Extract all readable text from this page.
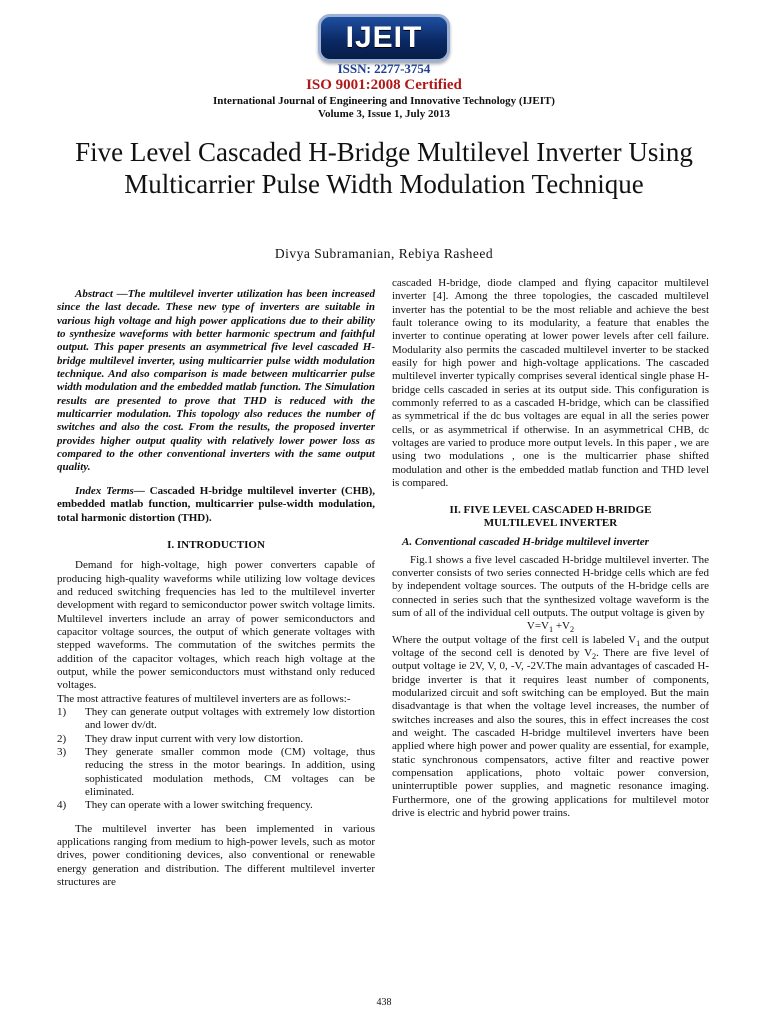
IJEIT
ISSN: 2277-3754
ISO 9001:2008 Certified
International Journal of Engineering and Innovative Technology (IJEIT)
Volume 3, Issue 1, July 2013
Five Level Cascaded H-Bridge Multilevel Inverter Using Multicarrier Pulse Width Modulation Technique
Divya Subramanian, Rebiya Rasheed

Abstract —The multilevel inverter utilization has been increased since the last decade. These new type of inverters are suitable in various high voltage and high power applications due to their ability to synthesize waveforms with better harmonic spectrum and faithful output. This paper presents an asymmetrical five level cascaded H-bridge multilevel inverter, using multicarrier pulse width modulation technique. And also comparison is made between multicarrier pulse width modulation and the embedded matlab function. The Simulation results are presented to prove that THD is reduced with the multicarrier modulation. This topology also reduces the number of switches and also the cost. From the results, the proposed inverter provides higher output quality with relatively lower power loss as compared to the other conventional inverters with the same output quality.

Index Terms— Cascaded H-bridge multilevel inverter (CHB), embedded matlab function, multicarrier pulse-width modulation, total harmonic distortion (THD).

I. INTRODUCTION

Demand for high-voltage, high power converters capable of producing high-quality waveforms while utilizing low voltage devices and reduced switching frequencies has led to the multilevel inverter development with regard to semiconductor power switch voltage limits. Multilevel inverters include an array of power semiconductors and capacitor voltage sources, the output of which generate voltages with stepped waveforms. The commutation of the switches permits the addition of the capacitor voltages, which reach high voltage at the output, while the power semiconductors must withstand only reduced voltages.

The most attractive features of multilevel inverters are as follows:-

1) They can generate output voltages with extremely low distortion and lower dv/dt.

2) They draw input current with very low distortion.

3) They generate smaller common mode (CM) voltage, thus reducing the stress in the motor bearings. In addition, using sophisticated modulation methods, CM voltages can be eliminated.

4) They can operate with a lower switching frequency.

The multilevel inverter has been implemented in various applications ranging from medium to high-power levels, such as motor drives, power conditioning devices, also conventional or renewable energy generation and distribution. The different multilevel inverter structures are

cascaded H-bridge, diode clamped and flying capacitor multilevel inverter [4]. Among the three topologies, the cascaded multilevel inverter has the potential to be the most reliable and achieve the best fault tolerance owing to its modularity, a feature that enables the inverter to continue operating at lower power levels after cell failure. Modularity also permits the cascaded multilevel inverter to be stacked easily for high power and high-voltage applications. The cascaded multilevel inverter typically comprises several identical single phase H-bridge cells cascaded in series at its output side. This configuration is commonly referred to as a cascaded H-bridge, which can be classified as symmetrical if the dc bus voltages are equal in all the series power cells, or as asymmetrical if otherwise. In an asymmetrical CHB, dc voltages are varied to produce more output levels. In this paper , we are using two modulations , one is the multicarrier phase shifted modulation and other is the embedded matlab function and THD level is compared.

II. FIVE LEVEL CASCADED H-BRIDGE
MULTILEVEL INVERTER

A. Conventional cascaded H-bridge multilevel inverter

Fig.1 shows a five level cascaded H-bridge multilevel inverter. The converter consists of two series connected H-bridge cells which are fed by independent voltage sources. The outputs of the H-bridge cells are connected in series such that the synthesized voltage waveform is the sum of all of the individual cell outputs. The output voltage is given by

$V=V_1 +V_2$

Where the output voltage of the first cell is labeled $V_1$ and the output voltage of the second cell is denoted by $V_2$. There are five level of output voltage ie 2V, V, 0, -V, -2V.The main advantages of cascaded H-bridge inverter is that it requires least number of components, modularized circuit and soft switching can be employed. But the main disadvantage is that when the voltage level increases, the number of switches increases and also the soures, this in effect increases the cost and weight. The cascaded H-bridge multilevel inverters have been applied where high power and power quality are essential, for example, static synchronous compensators, active filter and reactive power compensation applications, photo voltaic power conversion, uninterruptible power supplies, and magnetic resonance imaging. Furthermore, one of the growing applications for multilevel motor drive is electric and hybrid power trains.

438
